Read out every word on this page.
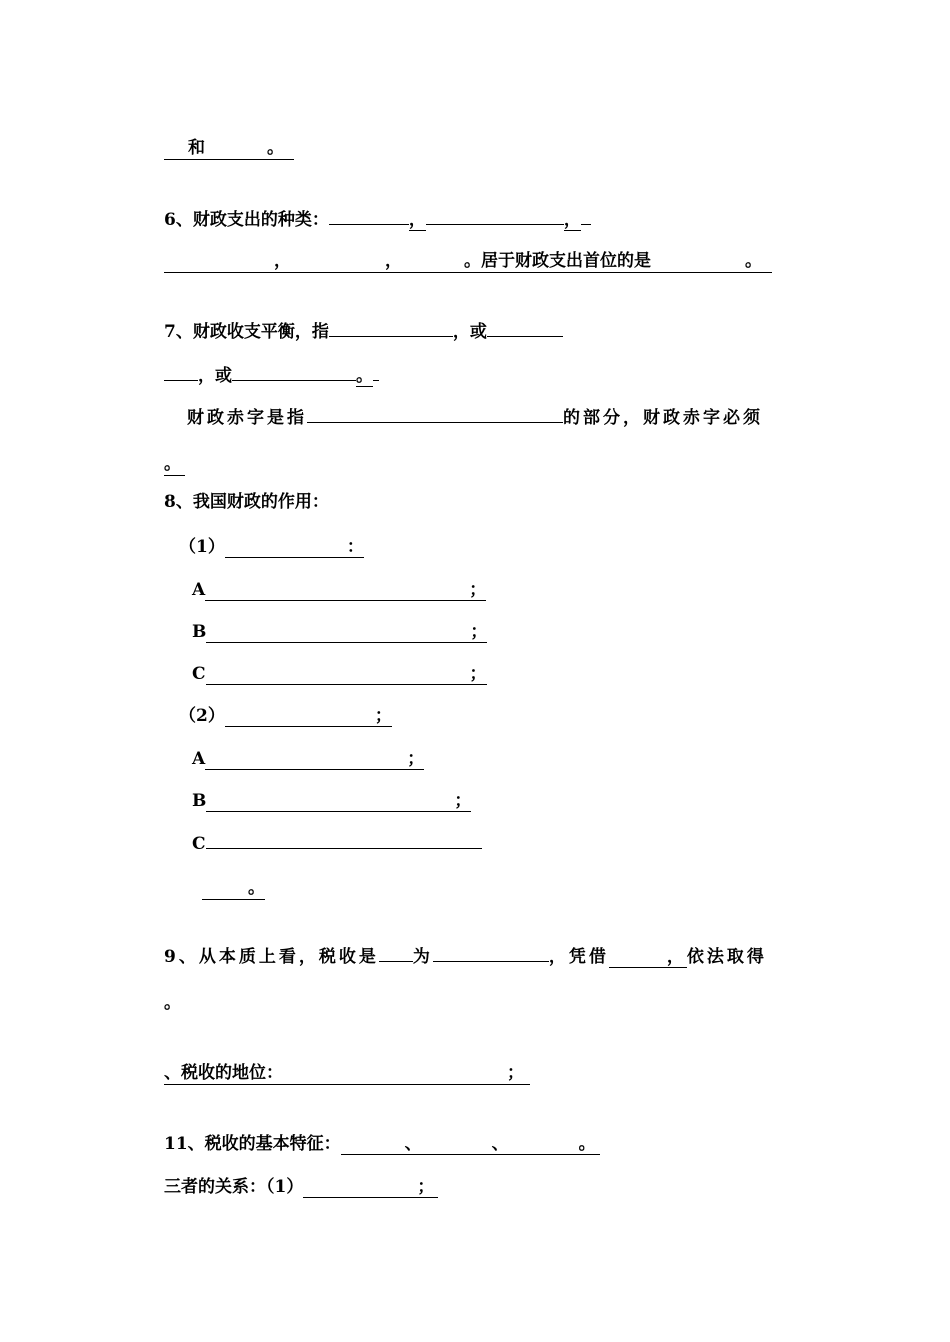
和	。
6、财政支出的种类：	，	，
，	，	。居于财政支出首位的是	。
7、财政收支平衡，指	，或
，或	。
财政赤字是指	的部分，财政赤字必须
。
8、我国财政的作用：
（1）	：
A	；
B	；
C	；
（2）	；
A	；
B	；
C
。
9、从本质上看，税收是 为	，凭借	，依法取得
。
、税收的地位：	；
11、税收的基本特征：	、	、	。
三者的关系：（1）	；
